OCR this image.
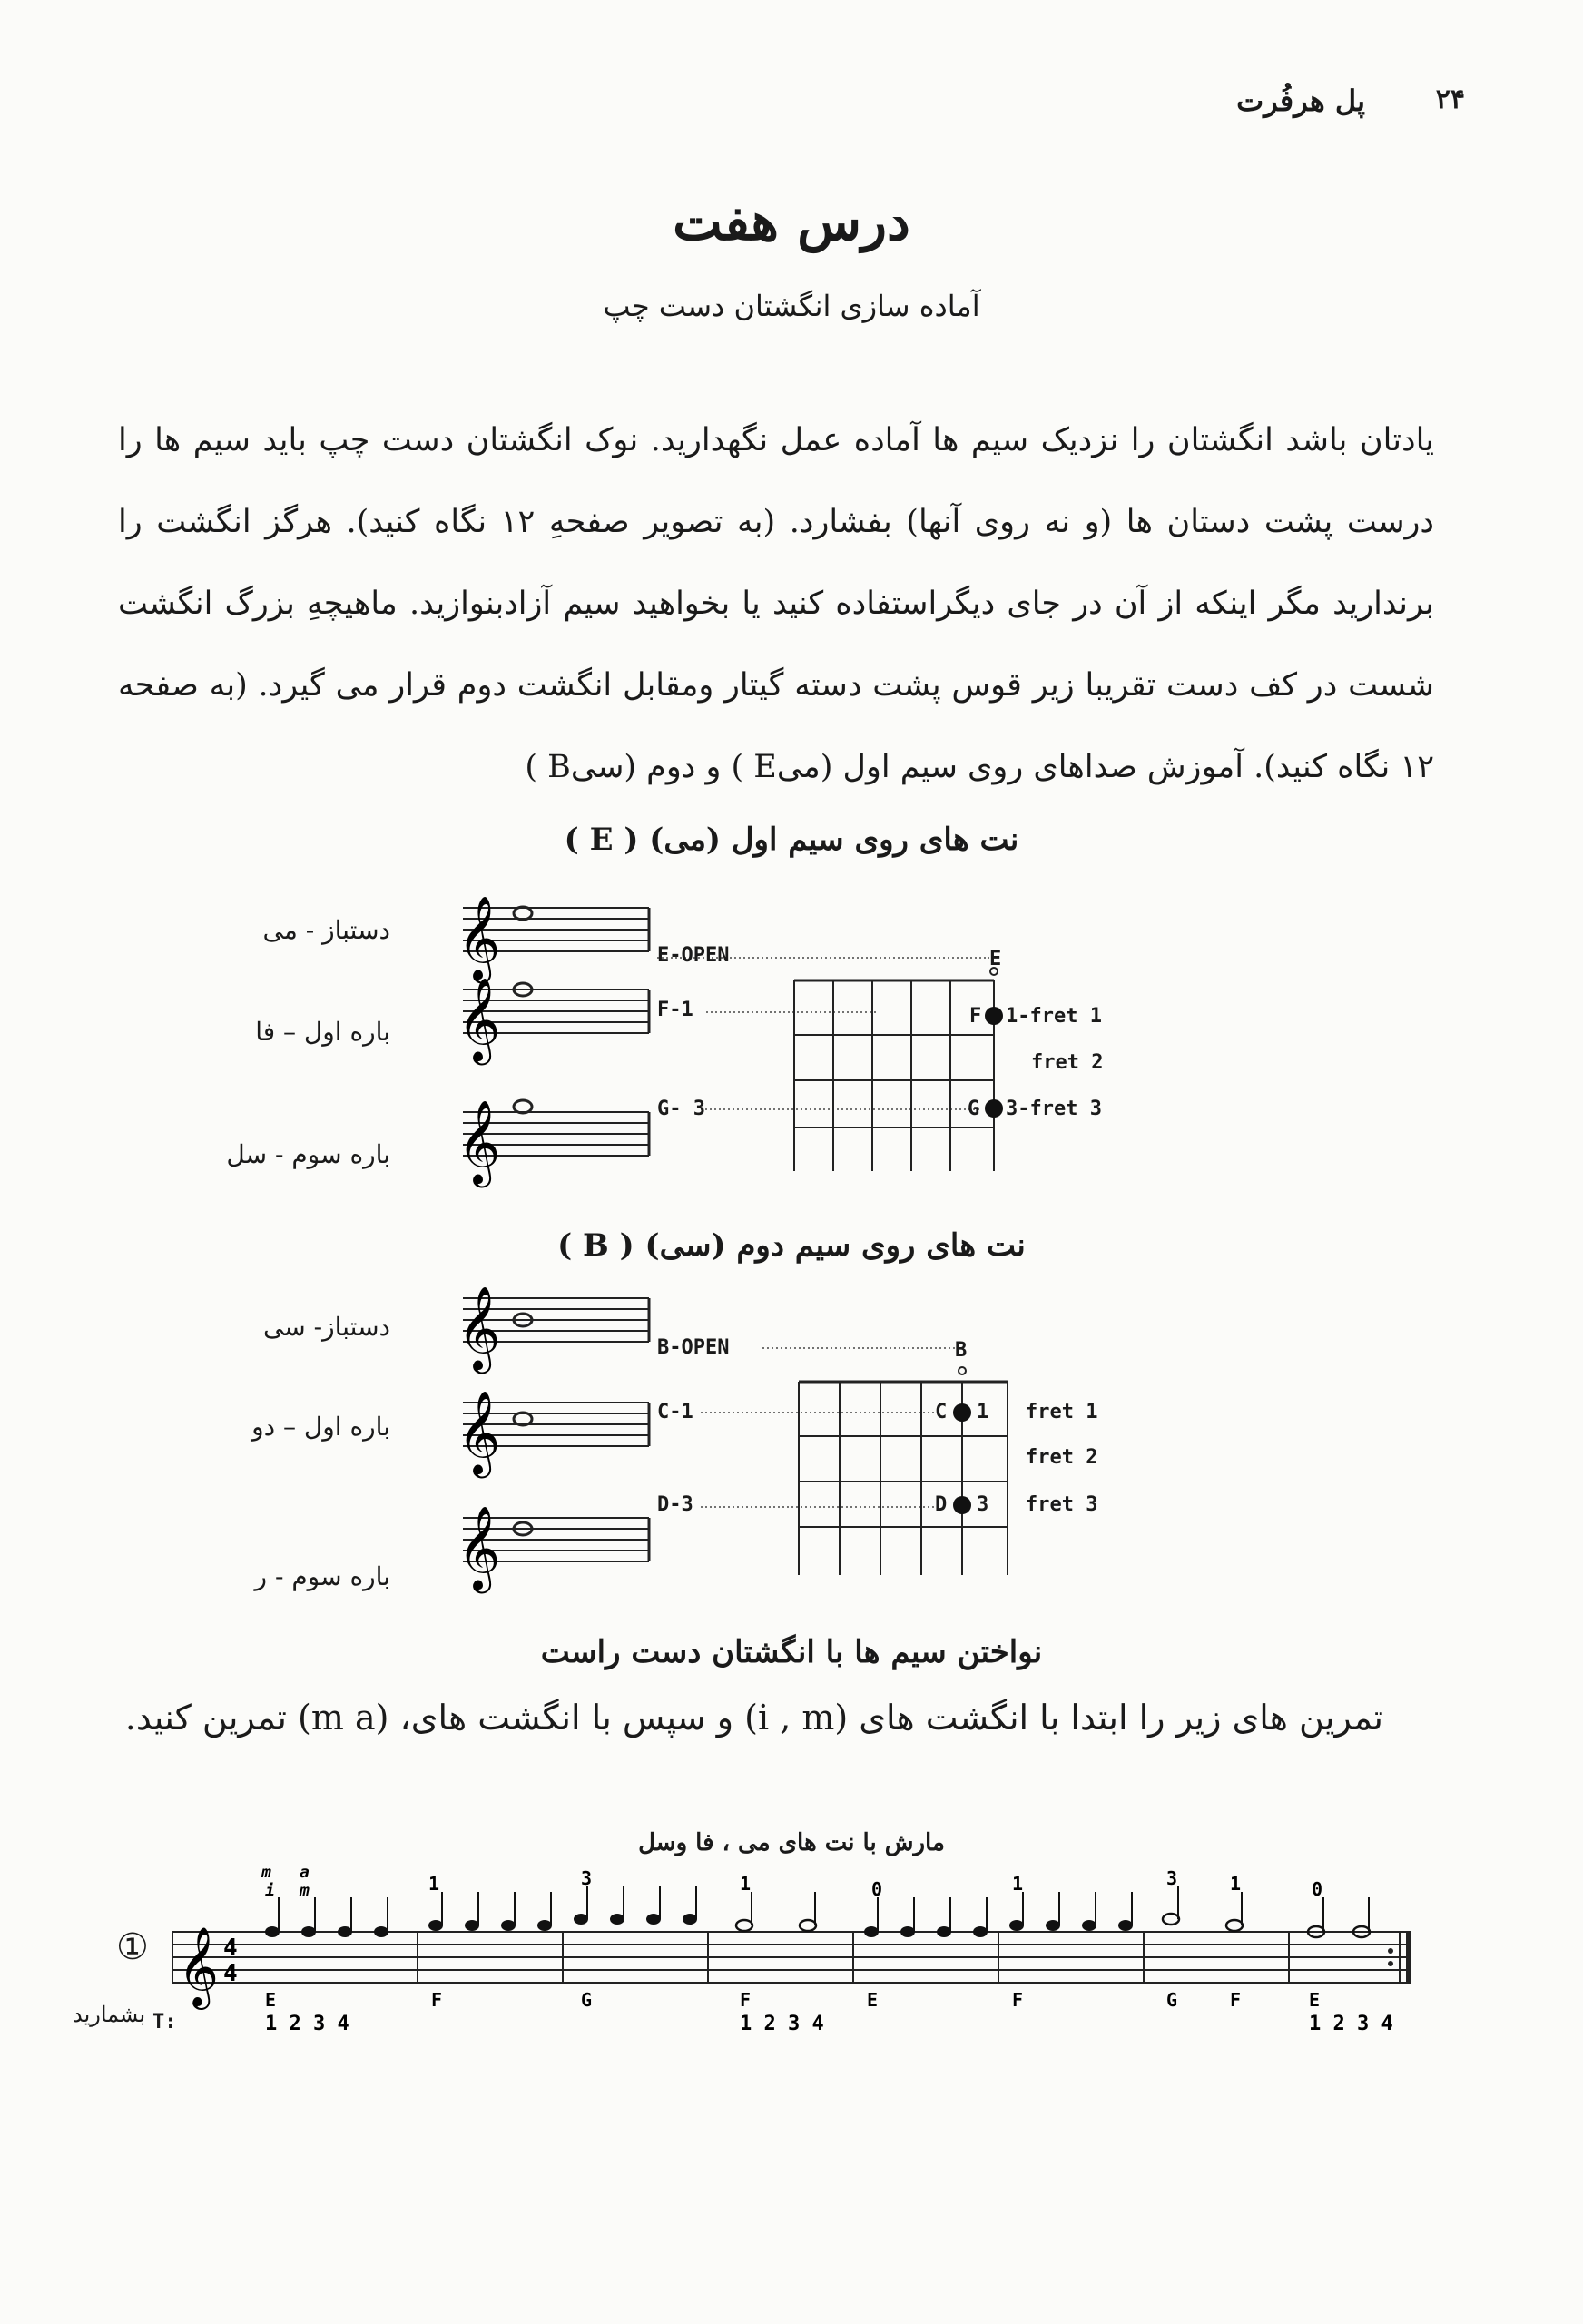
۲۴
پل هرفُرت
درس هفت
آماده سازی انگشتان دست چپ

یادتان باشد انگشتان را نزدیک سیم ها آماده عمل نگهدارید. نوک انگشتان دست چپ باید سیم ها را درست پشت دستان ها (و نه روی آنها) بفشارد. (به تصویر صفحهِ ۱۲ نگاه کنید). هرگز انگشت را برندارید مگر اینکه از آن در جای دیگراستفاده کنید یا بخواهید سیم آزادبنوازید. ماهیچهِ بزرگ انگشت شست در کف دست تقریبا زیر قوس پشت دسته گیتار ومقابل انگشت دوم قرار می گیرد. (به صفحه ۱۲ نگاه کنید). آموزش صداهای روی سیم اول (میE ) و دوم (سیB )

نت های روی سیم اول (می) ( E )
دستباز - می
باره اول – فا
باره سوم - سل
𝄞
𝄞
𝄞
E-OPEN	E
F-1	F 1-fret 1
fret 2
G- 3	G 3-fret 3
نت های روی سیم دوم (سی) ( B )
دستباز- سی
باره اول – دو
باره سوم - ر
𝄞
𝄞
𝄞
B-OPEN	B
C-1	C 1 fret 1
fret 2
D-3	D 3 fret 3
نواختن سیم ها با انگشتان دست راست
تمرین های زیر را ابتدا با انگشت های (i , m) و سپس با انگشت های، (m a) تمرین کنید.
مارش با نت های می ، فا وسل
① 𝄞 4
4
m a
i m	1	3	1	0	1	3	1	0
E	F	G	F	E	F	G	F	E
1 2 3 4	1 2 3 4	1 2 3 4
بشمارید T:
